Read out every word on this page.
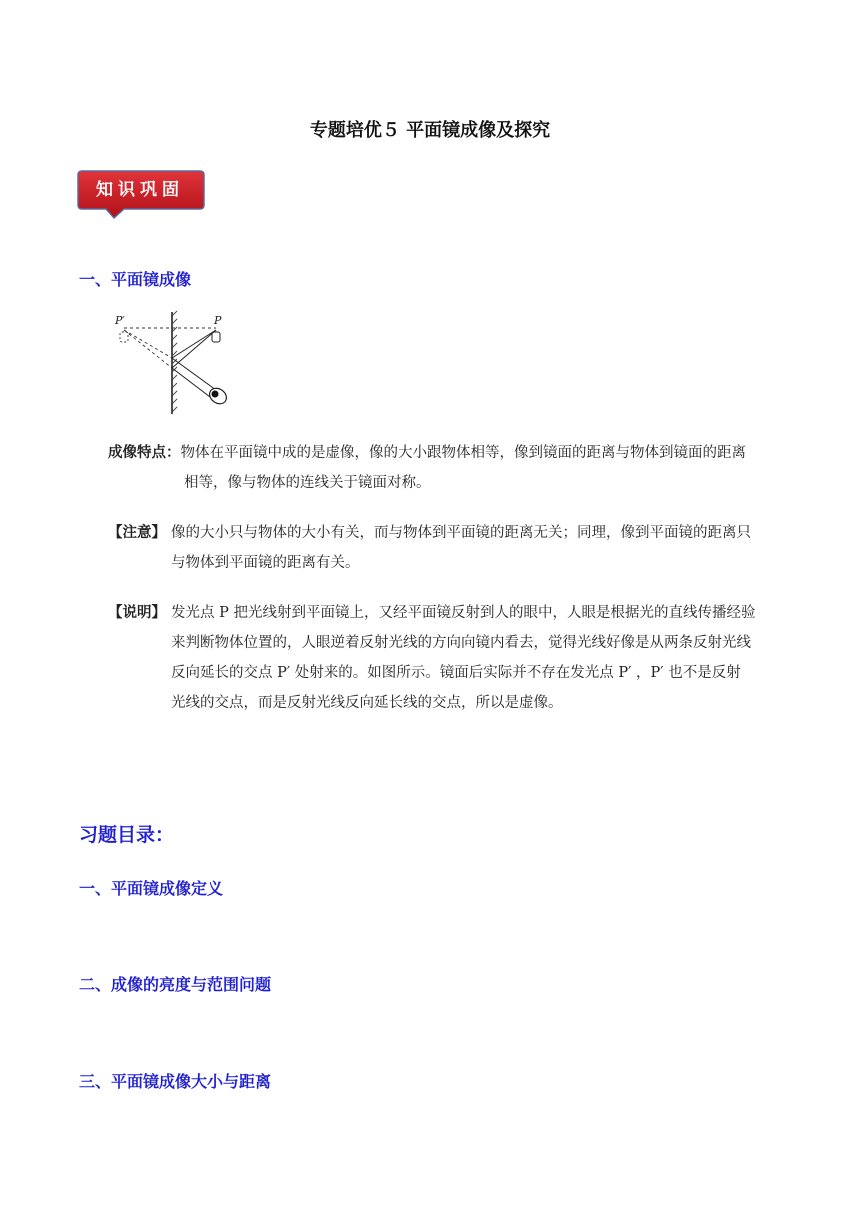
专题培优５ 平面镜成像及探究
知识巩固
一、平面镜成像
P′	P
成像特点：物体在平面镜中成的是虚像，像的大小跟物体相等，像到镜面的距离与物体到镜面的距离
相等，像与物体的连线关于镜面对称。
【注意】 像的大小只与物体的大小有关，而与物体到平面镜的距离无关；同理，像到平面镜的距离只
与物体到平面镜的距离有关。
【说明】 发光点 P 把光线射到平面镜上，又经平面镜反射到人的眼中，人眼是根据光的直线传播经验
来判断物体位置的，人眼逆着反射光线的方向向镜内看去，觉得光线好像是从两条反射光线
反向延长的交点 P′ 处射来的。如图所示。镜面后实际并不存在发光点 P′ ，P′ 也不是反射
光线的交点，而是反射光线反向延长线的交点，所以是虚像。
习题目录：
一、平面镜成像定义
二、成像的亮度与范围问题
三、平面镜成像大小与距离
